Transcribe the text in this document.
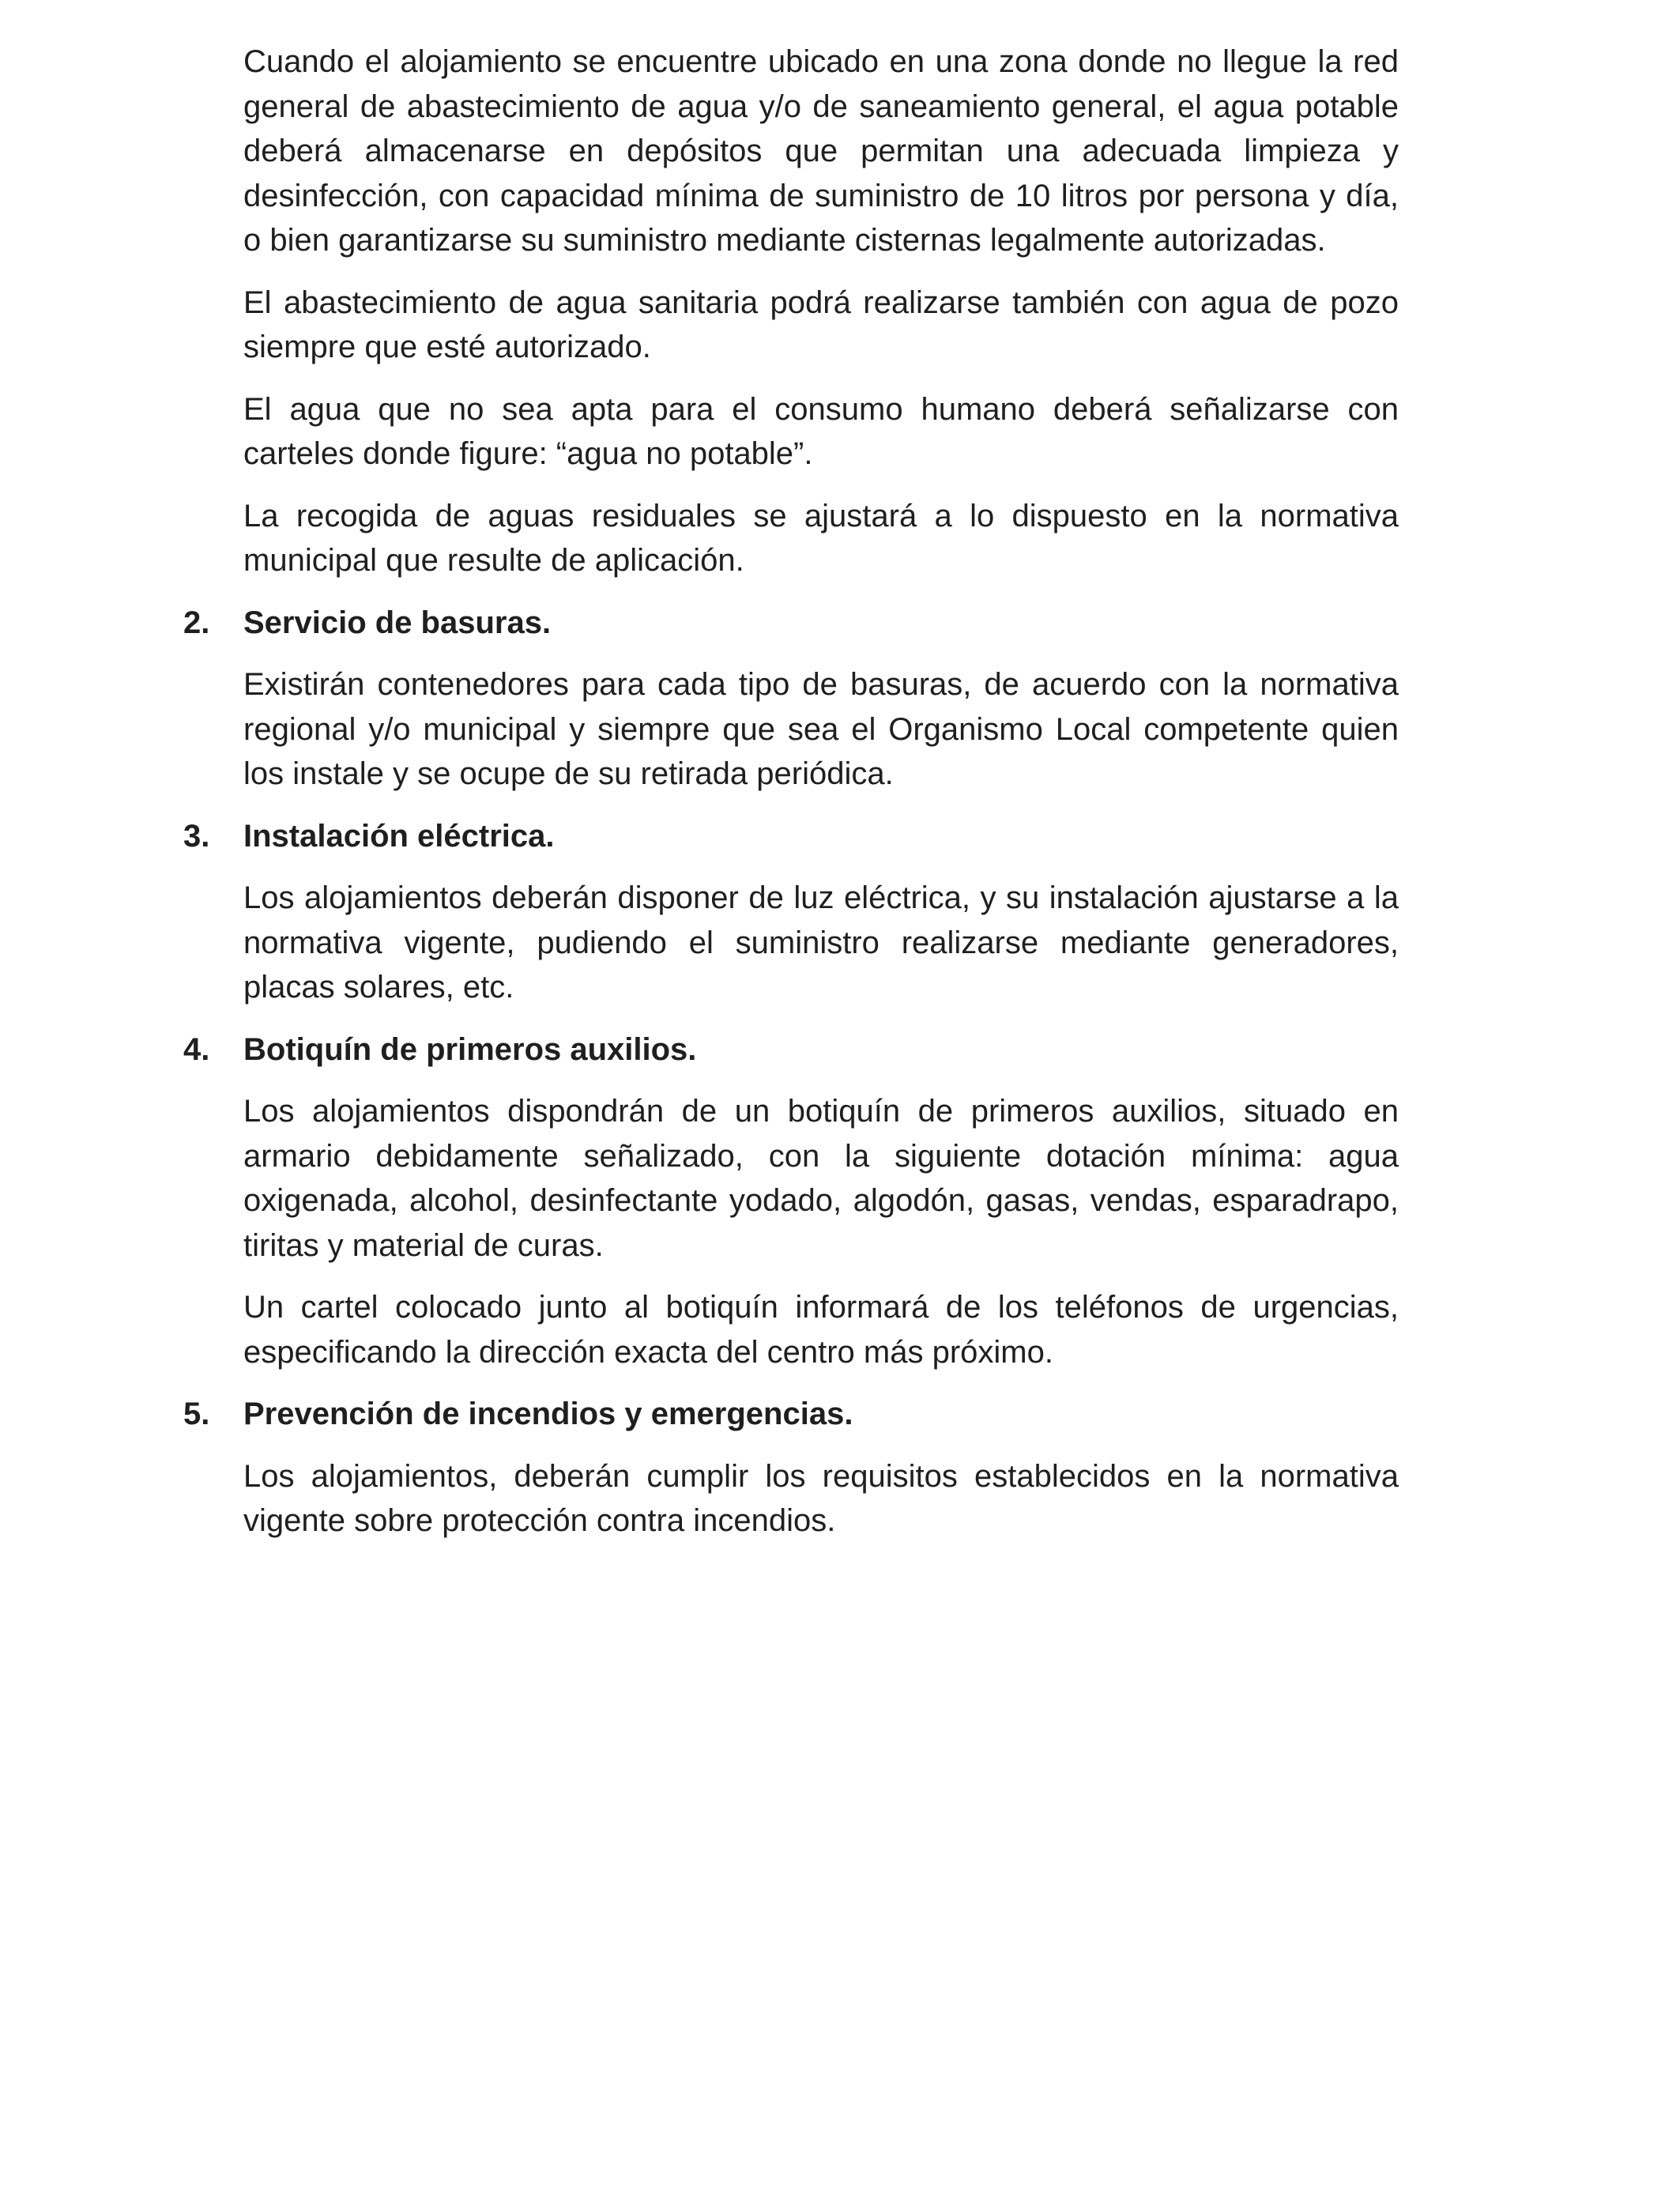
Cuando el alojamiento se encuentre ubicado en una zona donde no llegue la red general de abastecimiento de agua y/o de saneamiento general, el agua potable deberá almacenarse en depósitos que permitan una adecuada limpieza y desinfección, con capacidad mínima de suministro de 10 litros por persona y día, o bien garantizarse su suministro mediante cisternas legalmente autorizadas.

El abastecimiento de agua sanitaria podrá realizarse también con agua de pozo siempre que esté autorizado.

El agua que no sea apta para el consumo humano deberá señalizarse con carteles donde figure: “agua no potable”.

La recogida de aguas residuales se ajustará a lo dispuesto en la normativa municipal que resulte de aplicación.

2. Servicio de basuras.

Existirán contenedores para cada tipo de basuras, de acuerdo con la normativa regional y/o municipal y siempre que sea el Organismo Local competente quien los instale y se ocupe de su retirada periódica.

3. Instalación eléctrica.

Los alojamientos deberán disponer de luz eléctrica, y su instalación ajustarse a la normativa vigente, pudiendo el suministro realizarse mediante generadores, placas solares, etc.

4. Botiquín de primeros auxilios.

Los alojamientos dispondrán de un botiquín de primeros auxilios, situado en armario debidamente señalizado, con la siguiente dotación mínima: agua oxigenada, alcohol, desinfectante yodado, algodón, gasas, vendas, esparadrapo, tiritas y material de curas.

Un cartel colocado junto al botiquín informará de los teléfonos de urgencias, especificando la dirección exacta del centro más próximo.

5. Prevención de incendios y emergencias.

Los alojamientos, deberán cumplir los requisitos establecidos en la normativa vigente sobre protección contra incendios.
